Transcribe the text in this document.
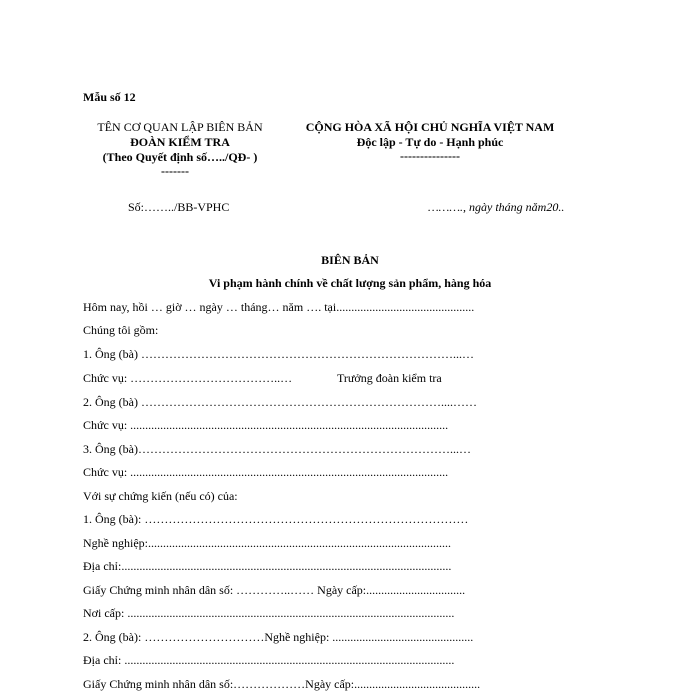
Mẫu số 12
TÊN CƠ QUAN LẬP BIÊN BẢN
ĐOÀN KIỂM TRA
(Theo Quyết định số…../QĐ- )
-------
CỘNG HÒA XÃ HỘI CHỦ NGHĨA VIỆT NAM
Độc lập - Tự do - Hạnh phúc
---------------
Số:……../BB-VPHC	………., ngày tháng năm20..
BIÊN BẢN
Vi phạm hành chính về chất lượng sản phẩm, hàng hóa
Hôm nay, hồi … giờ … ngày … tháng… năm …. tại..............................................
Chúng tôi gồm:
1. Ông (bà) ……………………………………………………………………...…
Chức vụ: ………………………………..…	Trưởng đoàn kiểm tra
2. Ông (bà) …………………………………………………………………....……
Chức vụ: ..........................................................................................................
3. Ông (bà)……………………………………………………………………...…
Chức vụ: ..........................................................................................................
Với sự chứng kiến (nếu có) của:
1. Ông (bà): ………………………………………………………………………
Nghề nghiệp:.....................................................................................................
Địa chỉ:..............................................................................................................
Giấy Chứng minh nhân dân số: …………..…… Ngày cấp:.................................
Nơi cấp: .............................................................................................................
2. Ông (bà): …………………………Nghề nghiệp: ...............................................
Địa chỉ: ..............................................................................................................
Giấy Chứng minh nhân dân số:………………Ngày cấp:..........................................
